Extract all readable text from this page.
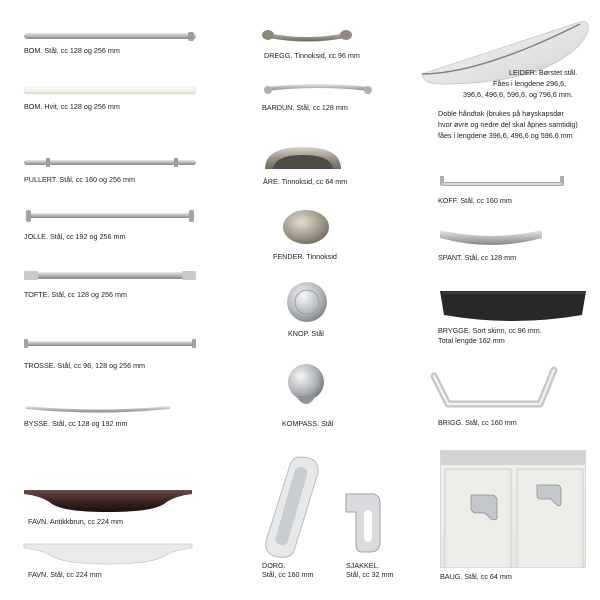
BOM. Stål, cc 128 og 256 mm
BOM. Hvit, cc 128 og 256 mm
PULLERT. Stål, cc 160 og 256 mm
JOLLE. Stål, cc 192 og 256 mm
TOFTE. Stål, cc 128 og 256 mm
TROSSE. Stål, cc 96, 128 og 256 mm
BYSSE. Stål, cc 128 og 192 mm
FAVN. Antikkbrun, cc 224 mm
FAVN. Stål, cc 224 mm
DREGG. Tinnoksid, cc 96 mm
BARDUN. Stål, cc 128 mm
ÅRE. Tinnoksid, cc 64 mm
FENDER. Tinnoksid
KNOP. Stål
KOMPASS. Stål
DORG.
Stål, cc 160 mm
SJAKKEL.
Stål, cc 32 mm
LEIDER. Børstet stål.
Fåes i lengdene 296,6,
396,6, 496,6, 596,6, og 796,6 mm.
Doble håndtak (brukes på høyskapsdør
hvor øvre og nedre del skal åpnes samtidig)
fåes i lengdene 396,6, 496,6 og 596,6 mm
KOFF. Stål, cc 160 mm
SPANT. Stål, cc 128 mm
BRYGGE. Sort skinn, cc 96 mm.
Total lengde 162 mm
BRIGG. Stål, cc 160 mm
BAUG. Stål, cc 64 mm
